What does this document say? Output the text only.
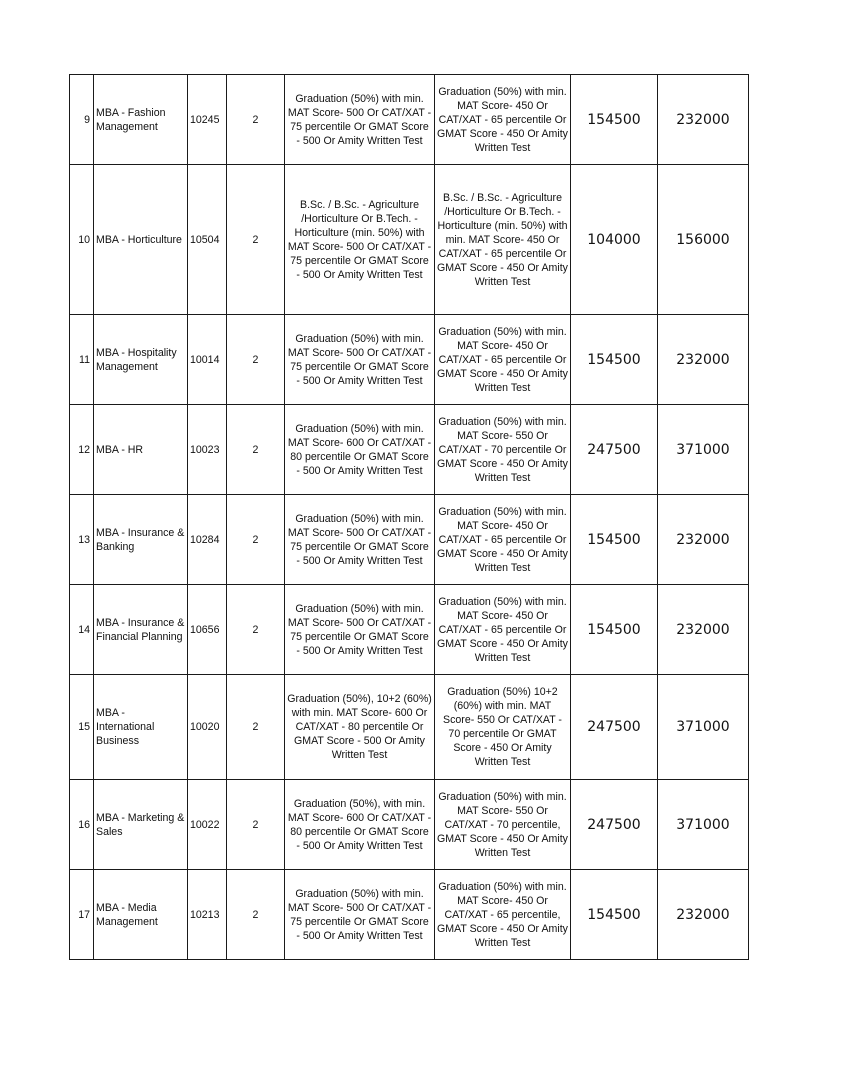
9	MBA - Fashion Management	10245	2	Graduation (50%) with min. MAT Score- 500 Or CAT/XAT - 75 percentile Or GMAT Score - 500 Or Amity Written Test	Graduation (50%) with min. MAT Score- 450 Or CAT/XAT - 65 percentile Or GMAT Score - 450 Or Amity Written Test	154500	232000
10	MBA - Horticulture	10504	2	B.Sc. / B.Sc. - Agriculture /Horticulture Or B.Tech. - Horticulture (min. 50%) with MAT Score- 500 Or CAT/XAT - 75 percentile Or GMAT Score - 500 Or Amity Written Test	B.Sc. / B.Sc. - Agriculture /Horticulture Or B.Tech. - Horticulture (min. 50%) with min. MAT Score- 450 Or CAT/XAT - 65 percentile Or GMAT Score - 450 Or Amity Written Test	104000	156000
11	MBA - Hospitality Management	10014	2	Graduation (50%) with min. MAT Score- 500 Or CAT/XAT - 75 percentile Or GMAT Score - 500 Or Amity Written Test	Graduation (50%) with min. MAT Score- 450 Or CAT/XAT - 65 percentile Or GMAT Score - 450 Or Amity Written Test	154500	232000
12	MBA - HR	10023	2	Graduation (50%) with min. MAT Score- 600 Or CAT/XAT - 80 percentile Or GMAT Score - 500 Or Amity Written Test	Graduation (50%) with min. MAT Score- 550 Or CAT/XAT - 70 percentile Or GMAT Score - 450 Or Amity Written Test	247500	371000
13	MBA - Insurance & Banking	10284	2	Graduation (50%) with min. MAT Score- 500 Or CAT/XAT - 75 percentile Or GMAT Score - 500 Or Amity Written Test	Graduation (50%) with min. MAT Score- 450 Or CAT/XAT - 65 percentile Or GMAT Score - 450 Or Amity Written Test	154500	232000
14	MBA - Insurance & Financial Planning	10656	2	Graduation (50%) with min. MAT Score- 500 Or CAT/XAT - 75 percentile Or GMAT Score - 500 Or Amity Written Test	Graduation (50%) with min. MAT Score- 450 Or CAT/XAT - 65 percentile Or GMAT Score - 450 Or Amity Written Test	154500	232000
15	MBA - International Business	10020	2	Graduation (50%), 10+2 (60%) with min. MAT Score- 600 Or CAT/XAT - 80 percentile Or GMAT Score - 500 Or Amity Written Test	Graduation (50%) 10+2 (60%) with min. MAT Score- 550 Or CAT/XAT - 70 percentile Or GMAT Score - 450 Or Amity Written Test	247500	371000
16	MBA - Marketing & Sales	10022	2	Graduation (50%), with min. MAT Score- 600 Or CAT/XAT - 80 percentile Or GMAT Score - 500 Or Amity Written Test	Graduation (50%) with min. MAT Score- 550 Or CAT/XAT - 70 percentile, GMAT Score - 450 Or Amity Written Test	247500	371000
17	MBA - Media Management	10213	2	Graduation (50%) with min. MAT Score- 500 Or CAT/XAT - 75 percentile Or GMAT Score - 500 Or Amity Written Test	Graduation (50%) with min. MAT Score- 450 Or CAT/XAT - 65 percentile, GMAT Score - 450 Or Amity Written Test	154500	232000
